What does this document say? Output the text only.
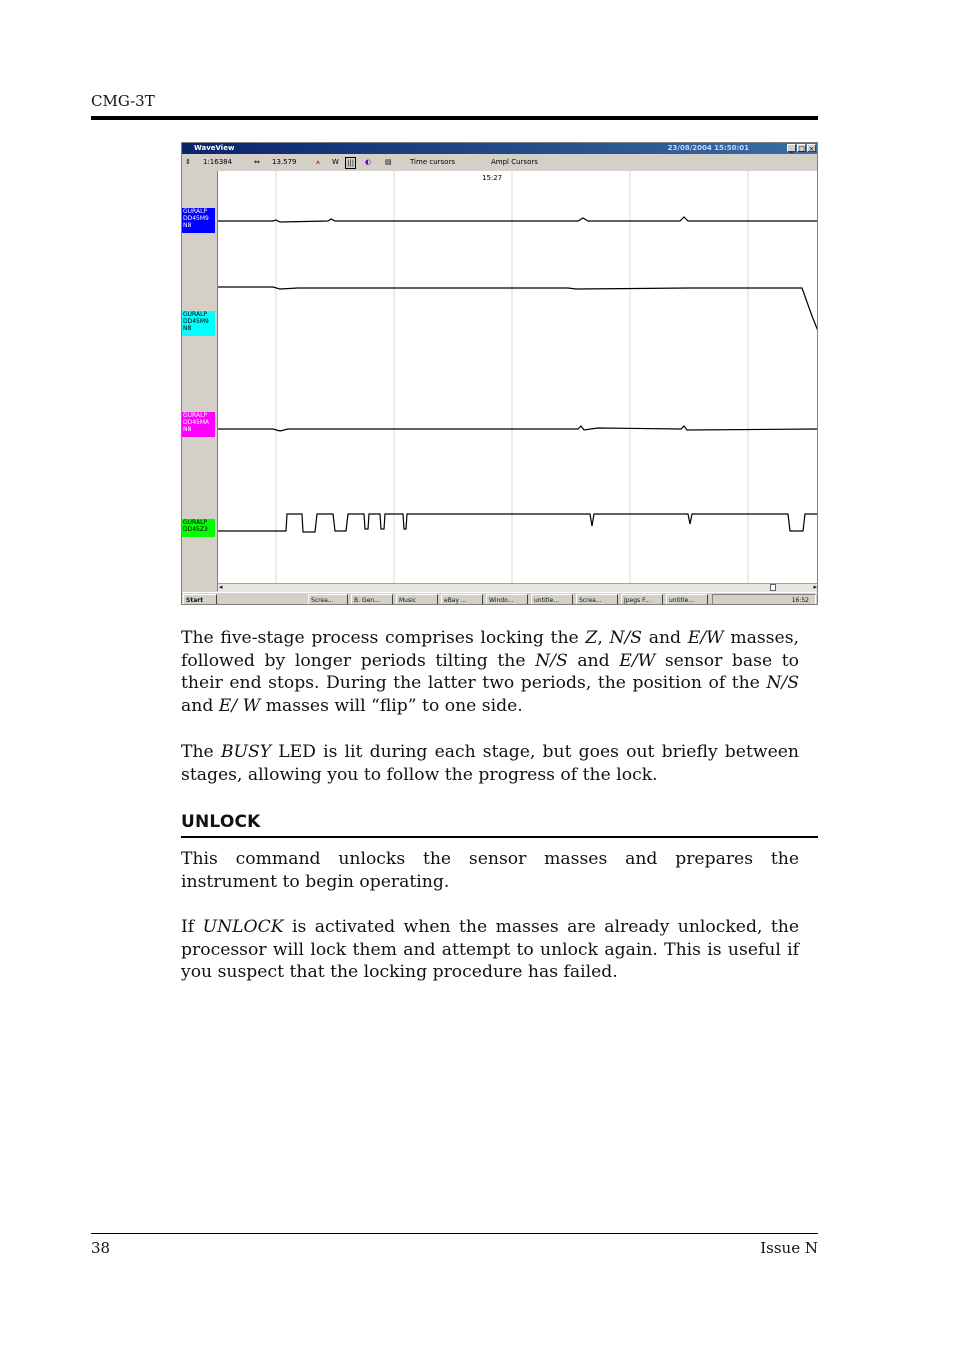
CMG-3T
WaveView	23/08/2004 15:50:01	_ □ ×
⇕ 1:16384	⇔ 13.579	⩚ W ||| ◐ ▤	Time cursors	Ampl Cursors
GURALP
DD45M9
N8
GURALP
DD45M9
N8
GURALP
DD45MA
N8
GURALP
DD45Z3
15:27
◂	▸
Start	Screa...	B. Gen...	Music	eBay ...	Windo...	untitle...	Screa...	Jpegs F...	untitle...	16:52
The five-stage process comprises locking the Z, N/S and E/W masses, followed by longer periods tilting the N/S and E/W sensor base to their end stops. During the latter two periods, the position of the N/S and E/ W masses will “flip” to one side.
The BUSY LED is lit during each stage, but goes out briefly between stages, allowing you to follow the progress of the lock.
UNLOCK
This command unlocks the sensor masses and prepares the instrument to begin operating.
If UNLOCK is activated when the masses are already unlocked, the processor will lock them and attempt to unlock again. This is useful if you suspect that the locking procedure has failed.
38	Issue N
